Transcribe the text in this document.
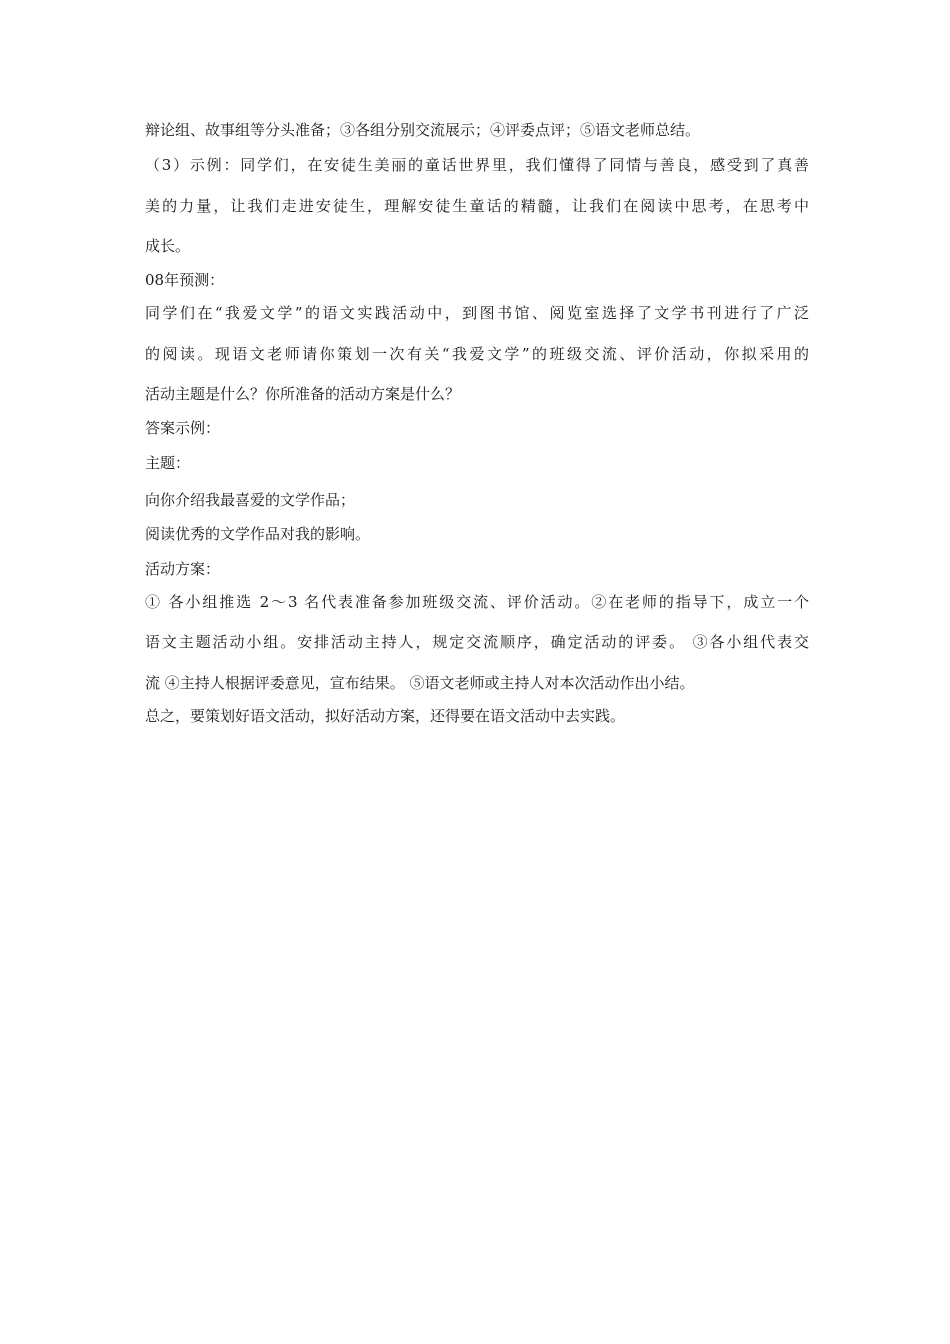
辩论组、故事组等分头准备；③各组分别交流展示；④评委点评；⑤语文老师总结。
（3）示例：同学们，在安徒生美丽的童话世界里，我们懂得了同情与善良，感受到了真善
美的力量，让我们走进安徒生，理解安徒生童话的精髓，让我们在阅读中思考，在思考中
成长。
08年预测：
同学们在“我爱文学”的语文实践活动中，到图书馆、阅览室选择了文学书刊进行了广泛
的阅读。现语文老师请你策划一次有关“我爱文学”的班级交流、评价活动，你拟采用的
活动主题是什么？你所准备的活动方案是什么？
答案示例：
主题：
向你介绍我最喜爱的文学作品；
阅读优秀的文学作品对我的影响。
活动方案：
① 各小组推选 2～3 名代表准备参加班级交流、评价活动。②在老师的指导下，成立一个
语文主题活动小组。安排活动主持人，规定交流顺序，确定活动的评委。 ③各小组代表交
流 ④主持人根据评委意见，宣布结果。 ⑤语文老师或主持人对本次活动作出小结。
总之，要策划好语文活动，拟好活动方案，还得要在语文活动中去实践。
